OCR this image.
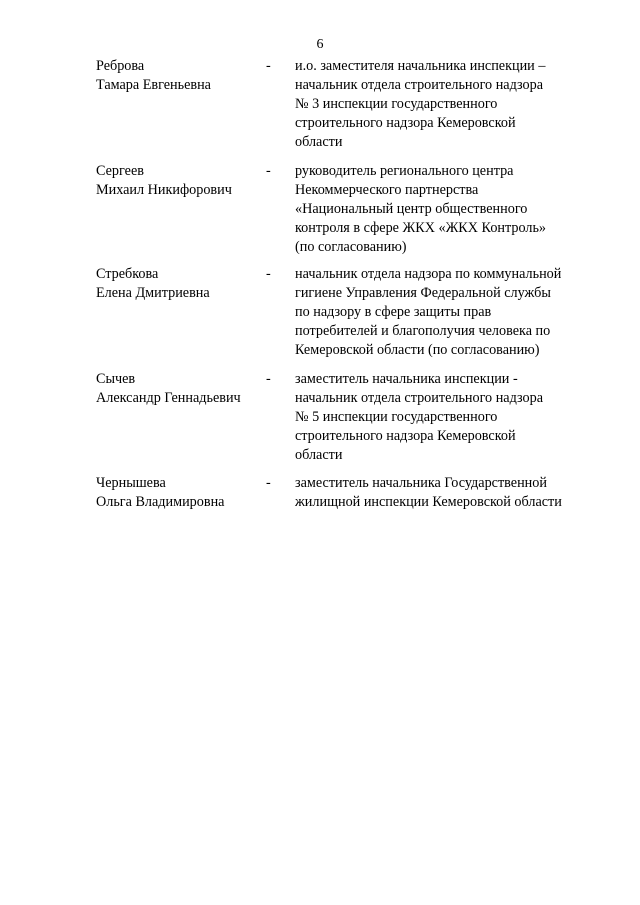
6
Реброва
Тамара Евгеньевна
- и.о. заместителя начальника инспекции –
начальник отдела строительного надзора
№ 3 инспекции государственного
строительного надзора Кемеровской
области
Сергеев
Михаил Никифорович
- руководитель регионального центра
Некоммерческого партнерства
«Национальный центр общественного
контроля в сфере ЖКХ «ЖКХ Контроль»
(по согласованию)
Стребкова
Елена Дмитриевна
- начальник отдела надзора по коммунальной
гигиене Управления Федеральной службы
по надзору в сфере защиты прав
потребителей и благополучия человека по
Кемеровской области (по согласованию)
Сычев
Александр Геннадьевич
- заместитель начальника инспекции -
начальник отдела строительного надзора
№ 5 инспекции государственного
строительного надзора Кемеровской
области
Чернышева
Ольга Владимировна
- заместитель начальника Государственной
жилищной инспекции Кемеровской области
